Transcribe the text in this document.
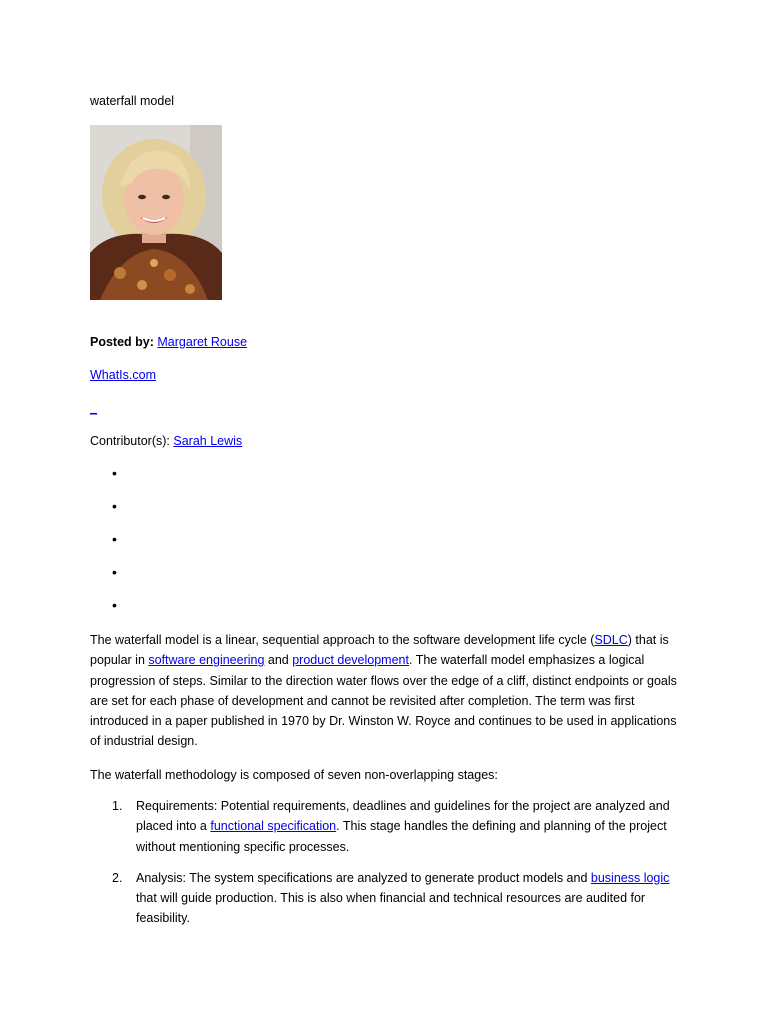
waterfall model
Posted by: Margaret Rouse
WhatIs.com
_
Contributor(s): Sarah Lewis
•
•
•
•
•

The waterfall model is a linear, sequential approach to the software development life cycle (SDLC) that is popular in software engineering and product development. The waterfall model emphasizes a logical progression of steps. Similar to the direction water flows over the edge of a cliff, distinct endpoints or goals are set for each phase of development and cannot be revisited after completion. The term was first introduced in a paper published in 1970 by Dr. Winston W. Royce and continues to be used in applications of industrial design.

The waterfall methodology is composed of seven non-overlapping stages:

1. Requirements: Potential requirements, deadlines and guidelines for the project are analyzed and placed into a functional specification. This stage handles the defining and planning of the project without mentioning specific processes.
2. Analysis: The system specifications are analyzed to generate product models and business logic that will guide production. This is also when financial and technical resources are audited for feasibility.
